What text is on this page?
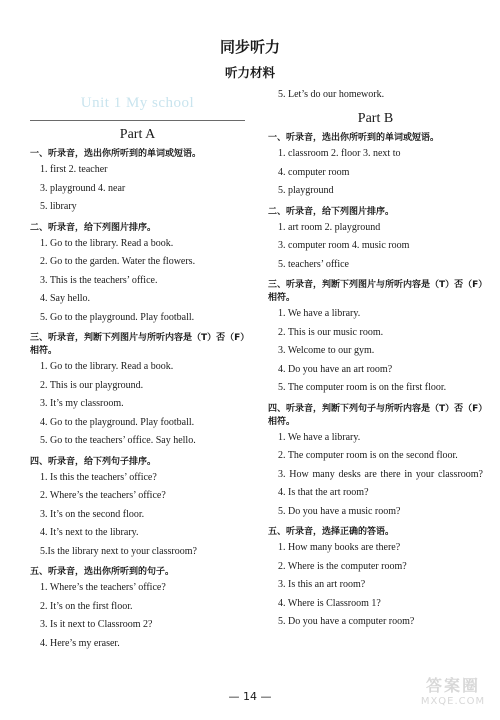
同步听力
听力材料
Unit 1 My school
Part A
一、听录音，选出你所听到的单词或短语。
1. first 2. teacher
3. playground 4. near
5. library
二、听录音，给下列图片排序。
1. Go to the library. Read a book.
2. Go to the garden. Water the flowers.
3. This is the teachers’ office.
4. Say hello.
5. Go to the playground. Play football.
三、听录音，判断下列图片与所听内容是（T）否（F）相符。
1. Go to the library. Read a book.
2. This is our playground.
3. It’s my classroom.
4. Go to the playground. Play football.
5. Go to the teachers’ office. Say hello.
四、听录音，给下列句子排序。
1. Is this the teachers’ office?
2. Where’s the teachers’ office?
3. It’s on the second floor.
4. It’s next to the library.
5.Is the library next to your classroom?
五、听录音，选出你所听到的句子。
1. Where’s the teachers’ office?
2. It’s on the first floor.
3. Is it next to Classroom 2?
4. Here’s my eraser.
5. Let’s do our homework.
Part B
一、听录音，选出你所听到的单词或短语。
1. classroom 2. floor 3. next to
4. computer room
5. playground
二、听录音，给下列图片排序。
1. art room 2. playground
3. computer room 4. music room
5. teachers’ office
三、听录音，判断下列图片与所听内容是（T）否（F）相符。
1. We have a library.
2. This is our music room.
3. Welcome to our gym.
4. Do you have an art room?
5. The computer room is on the first floor.
四、听录音，判断下列句子与所听内容是（T）否（F）相符。
1. We have a library.
2. The computer room is on the second floor.
3. How many desks are there in your classroom?
4. Is that the art room?
5. Do you have a music room?
五、听录音，选择正确的答语。
1. How many books are there?
2. Where is the computer room?
3. Is this an art room?
4. Where is Classroom 1?
5. Do you have a computer room?
— 14 —
答案圈
MXQE.COM
